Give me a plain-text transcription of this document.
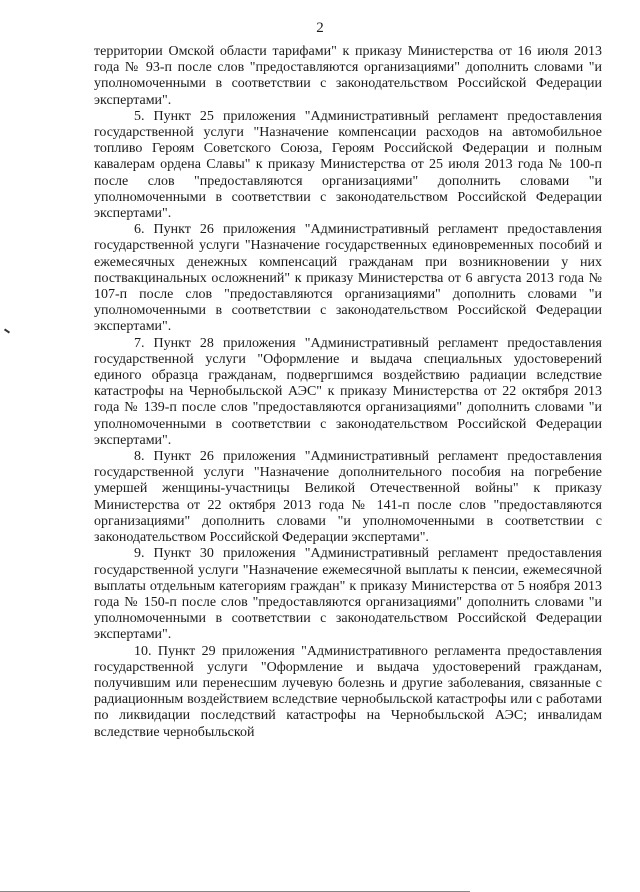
2

территории Омской области тарифами" к приказу Министерства от 16 июля 2013 года № 93-п после слов "предоставляются организациями" дополнить словами "и уполномоченными в соответствии с законодательством Российской Федерации экспертами".

5. Пункт 25 приложения "Административный регламент предоставления государственной услуги "Назначение компенсации расходов на автомобильное топливо Героям Советского Союза, Героям Российской Федерации и полным кавалерам ордена Славы" к приказу Министерства от 25 июля 2013 года № 100-п после слов "предоставляются организациями" дополнить словами "и уполномоченными в соответствии с законодательством Российской Федерации экспертами".

6. Пункт 26 приложения "Административный регламент предоставления государственной услуги "Назначение государственных единовременных пособий и ежемесячных денежных компенсаций гражданам при возникновении у них поствакцинальных осложнений" к приказу Министерства от 6 августа 2013 года № 107-п после слов "предоставляются организациями" дополнить словами "и уполномоченными в соответствии с законодательством Российской Федерации экспертами".

7. Пункт 28 приложения "Административный регламент предоставления государственной услуги "Оформление и выдача специальных удостоверений единого образца гражданам, подвергшимся воздействию радиации вследствие катастрофы на Чернобыльской АЭС" к приказу Министерства от 22 октября 2013 года № 139-п после слов "предоставляются организациями" дополнить словами "и уполномоченными в соответствии с законодательством Российской Федерации экспертами".

8. Пункт 26 приложения "Административный регламент предоставления государственной услуги "Назначение дополнительного пособия на погребение умершей женщины-участницы Великой Отечественной войны" к приказу Министерства от 22 октября 2013 года № 141-п после слов "предоставляются организациями" дополнить словами "и уполномоченными в соответствии с законодательством Российской Федерации экспертами".

9. Пункт 30 приложения "Административный регламент предоставления государственной услуги "Назначение ежемесячной выплаты к пенсии, ежемесячной выплаты отдельным категориям граждан" к приказу Министерства от 5 ноября 2013 года № 150-п после слов "предоставляются организациями" дополнить словами "и уполномоченными в соответствии с законодательством Российской Федерации экспертами".

10. Пункт 29 приложения "Административного регламента предоставления государственной услуги "Оформление и выдача удостоверений гражданам, получившим или перенесшим лучевую болезнь и другие заболевания, связанные с радиационным воздействием вследствие чернобыльской катастрофы или с работами по ликвидации последствий катастрофы на Чернобыльской АЭС; инвалидам вследствие чернобыльской
